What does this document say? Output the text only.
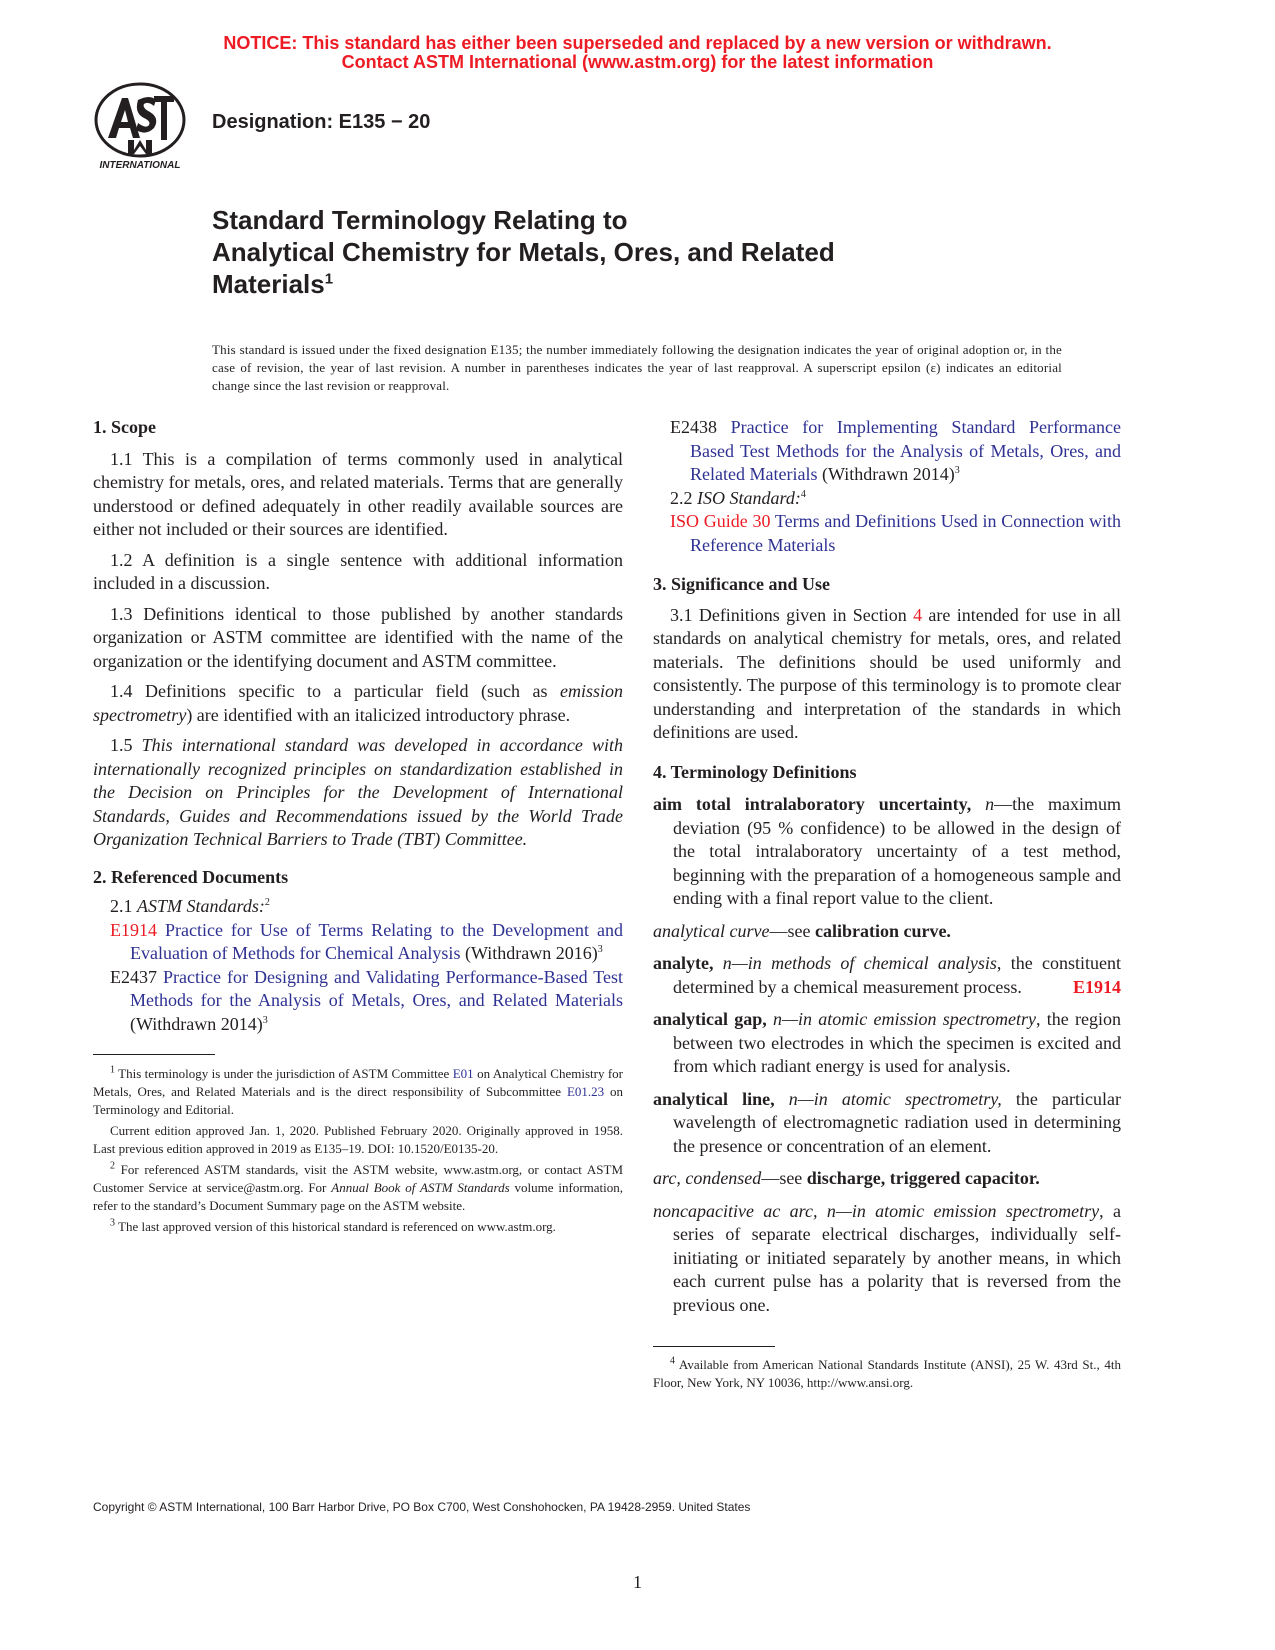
NOTICE: This standard has either been superseded and replaced by a new version or withdrawn.
Contact ASTM International (www.astm.org) for the latest information
INTERNATIONAL
Designation: E135 − 20
Standard Terminology Relating to
Analytical Chemistry for Metals, Ores, and Related
Materials$^1$
This standard is issued under the fixed designation E135; the number immediately following the designation indicates the year of original adoption or, in the case of revision, the year of last revision. A number in parentheses indicates the year of last reapproval. A superscript epsilon (ε) indicates an editorial change since the last revision or reapproval.

1. Scope

1.1 This is a compilation of terms commonly used in analytical chemistry for metals, ores, and related materials. Terms that are generally understood or defined adequately in other readily available sources are either not included or their sources are identified.

1.2 A definition is a single sentence with additional information included in a discussion.

1.3 Definitions identical to those published by another standards organization or ASTM committee are identified with the name of the organization or the identifying document and ASTM committee.

1.4 Definitions specific to a particular field (such as emission spectrometry) are identified with an italicized introductory phrase.

1.5 This international standard was developed in accordance with internationally recognized principles on standardization established in the Decision on Principles for the Development of International Standards, Guides and Recommendations issued by the World Trade Organization Technical Barriers to Trade (TBT) Committee.

2. Referenced Documents

2.1 ASTM Standards:$^2$

E1914 Practice for Use of Terms Relating to the Development and Evaluation of Methods for Chemical Analysis (Withdrawn 2016)$^3$

E2437 Practice for Designing and Validating Performance-Based Test Methods for the Analysis of Metals, Ores, and Related Materials (Withdrawn 2014)$^3$

$^1$ This terminology is under the jurisdiction of ASTM Committee E01 on Analytical Chemistry for Metals, Ores, and Related Materials and is the direct responsibility of Subcommittee E01.23 on Terminology and Editorial.

Current edition approved Jan. 1, 2020. Published February 2020. Originally approved in 1958. Last previous edition approved in 2019 as E135–19. DOI: 10.1520/E0135-20.

$^2$ For referenced ASTM standards, visit the ASTM website, www.astm.org, or contact ASTM Customer Service at service@astm.org. For Annual Book of ASTM Standards volume information, refer to the standard’s Document Summary page on the ASTM website.

$^3$ The last approved version of this historical standard is referenced on www.astm.org.

E2438 Practice for Implementing Standard Performance Based Test Methods for the Analysis of Metals, Ores, and Related Materials (Withdrawn 2014)$^3$

2.2 ISO Standard:$^4$

ISO Guide 30 Terms and Definitions Used in Connection with Reference Materials

3. Significance and Use

3.1 Definitions given in Section 4 are intended for use in all standards on analytical chemistry for metals, ores, and related materials. The definitions should be used uniformly and consistently. The purpose of this terminology is to promote clear understanding and interpretation of the standards in which definitions are used.

4. Terminology Definitions

aim total intralaboratory uncertainty, n—the maximum deviation (95 % confidence) to be allowed in the design of the total intralaboratory uncertainty of a test method, beginning with the preparation of a homogeneous sample and ending with a final report value to the client.

analytical curve—see calibration curve.

analyte, n—in methods of chemical analysis, the constituent determined by a chemical measurement process.	E1914

analytical gap, n—in atomic emission spectrometry, the region between two electrodes in which the specimen is excited and from which radiant energy is used for analysis.

analytical line, n—in atomic spectrometry, the particular wavelength of electromagnetic radiation used in determining the presence or concentration of an element.

arc, condensed—see discharge, triggered capacitor.

noncapacitive ac arc, n—in atomic emission spectrometry, a series of separate electrical discharges, individually self-initiating or initiated separately by another means, in which each current pulse has a polarity that is reversed from the previous one.

$^4$ Available from American National Standards Institute (ANSI), 25 W. 43rd St., 4th Floor, New York, NY 10036, http://www.ansi.org.

Copyright © ASTM International, 100 Barr Harbor Drive, PO Box C700, West Conshohocken, PA 19428-2959. United States
1
